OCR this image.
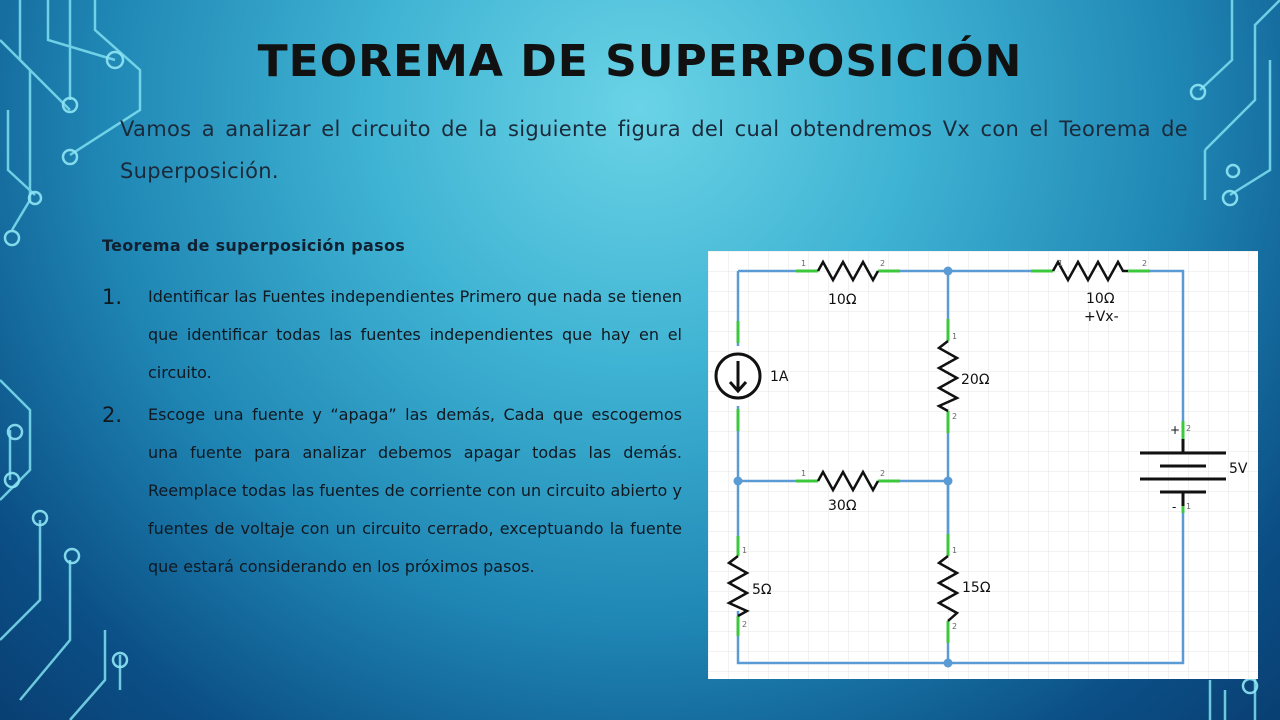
TEOREMA DE SUPERPOSICIÓN
Vamos a analizar el circuito de la siguiente figura del cual obtendremos Vx con el Teorema de Superposición.
Teorema de superposición pasos
1. Identificar las Fuentes independientes Primero que nada se tienen que identificar todas las fuentes independientes que hay en el circuito.
2. Escoge una fuente y “apaga” las demás, Cada que escogemos una fuente para analizar debemos apagar todas las demás. Reemplace todas las fuentes de corriente con un circuito abierto y fuentes de voltaje con un circuito cerrado, exceptuando la fuente que estará considerando en los próximos pasos.
10Ω	10Ω
+Vx-
20Ω
1A
30Ω
5Ω	15Ω
5V
+
-
1	2	1	2
1	2
1
2
1
2
1
2
2
1
